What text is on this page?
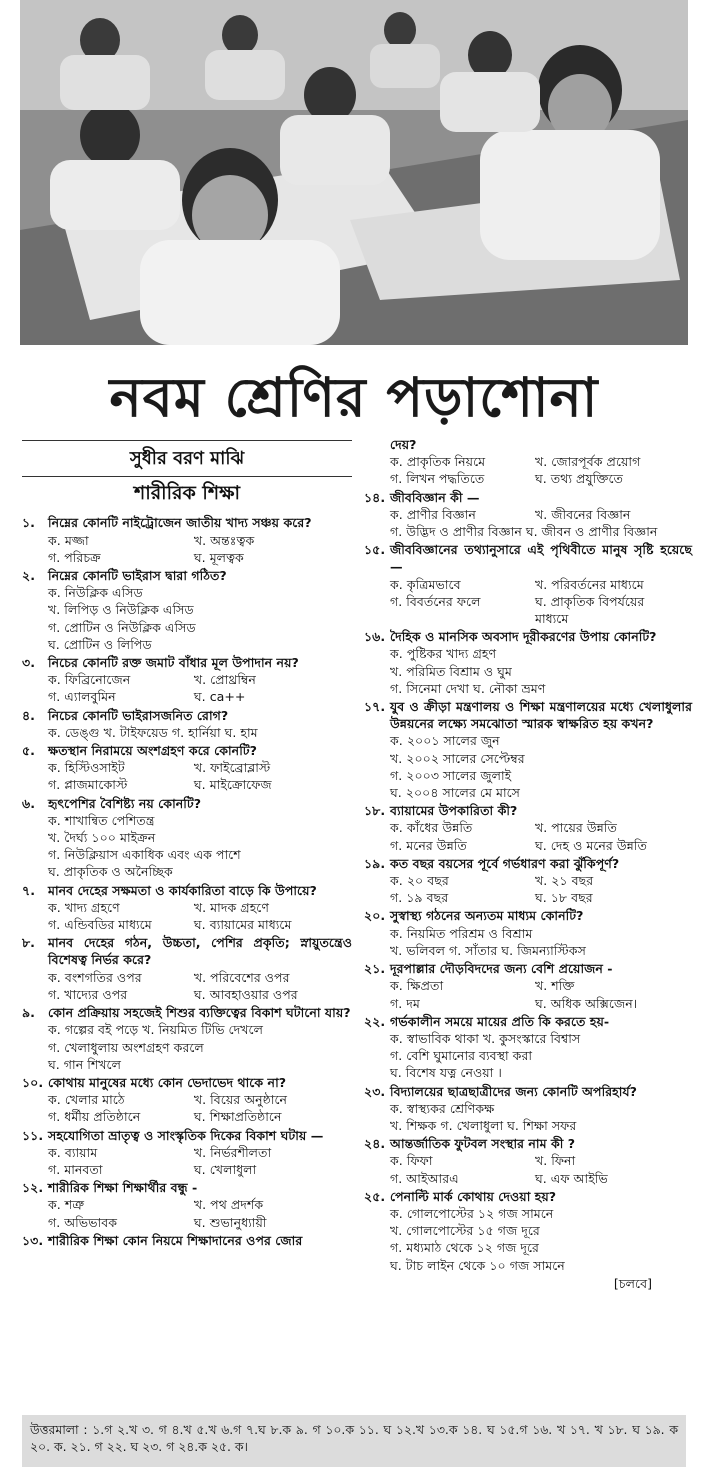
নবম শ্রেণির পড়াশোনা
সুধীর বরণ মাঝি
শারীরিক শিক্ষা
১.	নিম্নের কোনটি নাইট্রোজেন জাতীয় খাদ্য সঞ্চয় করে?
ক. মজ্জা	খ. অন্তঃত্বক
গ. পরিচক্র	ঘ. মূলত্বক
২.	নিম্নের কোনটি ভাইরাস দ্বারা গঠিত?
ক. নিউক্লিক এসিড
খ. লিপিড় ও নিউক্লিক এসিড
গ. প্রোটিন ও নিউক্লিক এসিড
ঘ. প্রোটিন ও লিপিড
৩.	নিচের কোনটি রক্ত জমাট বাঁধার মূল উপাদান নয়?
ক. ফিব্রিনোজেন	খ. প্রোথ্রম্বিন
গ. এ্যালবুমিন	ঘ. ca++
৪.	নিচের কোনটি ভাইরাসজনিত রোগ?
ক. ডেঙ্গু খ. টাইফয়েড গ. হার্নিয়া ঘ. হাম
৫.	ক্ষতস্থান নিরাময়ে অংশগ্রহণ করে কোনটি?
ক. হিস্টিওসাইট	খ. ফাইব্রোব্লাস্ট
গ. প্লাজমাকোস্ট	ঘ. মাইক্রোফেজ
৬.	হৃৎপেশির বৈশিষ্ট্য নয় কোনটি?
ক. শাখান্বিত পেশিতন্ত্র
খ. দৈর্ঘ্য ১০০ মাইক্রন
গ. নিউক্লিয়াস একাধিক এবং এক পাশে
ঘ. প্রাকৃতিক ও অনৈচ্ছিক
৭.	মানব দেহের সক্ষমতা ও কার্যকারিতা বাড়ে কি উপায়ে?
ক. খাদ্য গ্রহণে	খ. মাদক গ্রহণে
গ. এন্ডিবডির মাধ্যমে	ঘ. ব্যায়ামের মাধ্যমে
৮.	মানব দেহের গঠন, উচ্চতা, পেশির প্রকৃতি; স্নায়ুতন্ত্রেও বিশেষত্ব নির্ভর করে?
ক. বংশগতির ওপর	খ. পরিবেশের ওপর
গ. খাদ্যের ওপর	ঘ. আবহাওয়ার ওপর
৯.	কোন প্রক্রিয়ায় সহজেই শিশুর ব্যক্তিত্বের বিকাশ ঘটানো যায়?
ক. গল্পের বই পড়ে খ. নিয়মিত টিভি দেখলে
গ. খেলাধুলায় অংশগ্রহণ করলে
ঘ. গান শিখলে
১০. কোথায় মানুষের মধ্যে কোন ভেদাভেদ থাকে না?
ক. খেলার মাঠে	খ. বিয়ের অনুষ্ঠানে
গ. ধর্মীয় প্রতিষ্ঠানে	ঘ. শিক্ষাপ্রতিষ্ঠানে
১১. সহযোগিতা ভ্রাতৃত্ব ও সাংস্কৃতিক দিকের বিকাশ ঘটায় —
ক. ব্যায়াম	খ. নির্ভরশীলতা
গ. মানবতা	ঘ. খেলাধুলা
১২. শারীরিক শিক্ষা শিক্ষার্থীর বন্ধু -
ক. শত্রু	খ. পথ প্রদর্শক
গ. অভিভাবক	ঘ. শুভানুধ্যায়ী
১৩. শারীরিক শিক্ষা কোন নিয়মে শিক্ষাদানের ওপর জোর
দেয়?
ক. প্রাকৃতিক নিয়মে	খ. জোরপূর্বক প্রয়োগ
গ. লিখন পদ্ধতিতে	ঘ. তথ্য প্রযুক্তিতে
১৪. জীববিজ্ঞান কী —
ক. প্রাণীর বিজ্ঞান	খ. জীবনের বিজ্ঞান
গ. উদ্ভিদ ও প্রাণীর বিজ্ঞান ঘ. জীবন ও প্রাণীর বিজ্ঞান
১৫. জীববিজ্ঞানের তথ্যানুসারে এই পৃথিবীতে মানুষ সৃষ্টি হয়েছে —
ক. কৃত্রিমভাবে	খ. পরিবর্তনের মাধ্যমে
গ. বিবর্তনের ফলে	ঘ. প্রাকৃতিক বিপর্যয়ের মাধ্যমে
১৬. দৈহিক ও মানসিক অবসাদ দূরীকরণের উপায় কোনটি?
ক. পুষ্টিকর খাদ্য গ্রহণ
খ. পরিমিত বিশ্রাম ও ঘুম
গ. সিনেমা দেখা ঘ. নৌকা ভ্রমণ
১৭. যুব ও ক্রীড়া মন্ত্রণালয় ও শিক্ষা মন্ত্রণালয়ের মধ্যে খেলাধুলার উন্নয়নের লক্ষ্যে সমঝোতা স্মারক স্বাক্ষরিত হয় কখন?
ক. ২০০১ সালের জুন
খ. ২০০২ সালের সেপ্টেম্বর
গ. ২০০৩ সালের জুলাই
ঘ. ২০০৪ সালের মে মাসে
১৮. ব্যায়ামের উপকারিতা কী?
ক. কাঁধের উন্নতি	খ. পায়ের উন্নতি
গ. মনের উন্নতি	ঘ. দেহ ও মনের উন্নতি
১৯. কত বছর বয়সের পূর্বে গর্ভধারণ করা ঝুঁকিপূর্ণ?
ক. ২০ বছর	খ. ২১ বছর
গ. ১৯ বছর	ঘ. ১৮ বছর
২০. সুস্বাস্থ্য গঠনের অন্যতম মাধ্যম কোনটি?
ক. নিয়মিত পরিশ্রম ও বিশ্রাম
খ. ভলিবল গ. সাঁতার ঘ. জিমন্যাস্টিকস
২১. দূরপাল্লার দৌড়বিদদের জন্য বেশি প্রয়োজন -
ক. ক্ষিপ্রতা	খ. শক্তি
গ. দম	ঘ. অধিক অক্সিজেন।
২২. গর্ভকালীন সময়ে মায়ের প্রতি কি করতে হয়-
ক. স্বাভাবিক থাকা খ. কুসংস্কারে বিশ্বাস
গ. বেশি ঘুমানোর ব্যবস্থা করা
ঘ. বিশেষ যত্ন নেওয়া ।
২৩. বিদ্যালয়ের ছাত্রছাত্রীদের জন্য কোনটি অপরিহার্য?
ক. স্বাস্থ্যকর শ্রেণিকক্ষ
খ. শিক্ষক গ. খেলাধুলা ঘ. শিক্ষা সফর
২৪. আন্তর্জাতিক ফুটবল সংস্থার নাম কী ?
ক. ফিফা	খ. ফিনা
গ. আইআরএ	ঘ. এফ আইভি
২৫. পেনাল্টি মার্ক কোথায় দেওয়া হয়?
ক. গোলপোস্টের ১২ গজ সামনে
খ. গোলপোস্টের ১৫ গজ দূরে
গ. মধ্যমাঠ থেকে ১২ গজ দূরে
ঘ. টাচ লাইন থেকে ১০ গজ সামনে
[চলবে]
উত্তরমালা : ১.গ ২.খ ৩. গ ৪.খ ৫.খ ৬.গ ৭.ঘ ৮.ক ৯. গ ১০.ক ১১. ঘ ১২.খ ১৩.ক ১৪. ঘ ১৫.গ ১৬. খ ১৭. খ ১৮. ঘ ১৯. ক ২০. ক. ২১. গ ২২. ঘ ২৩. গ ২৪.ক ২৫. ক।
